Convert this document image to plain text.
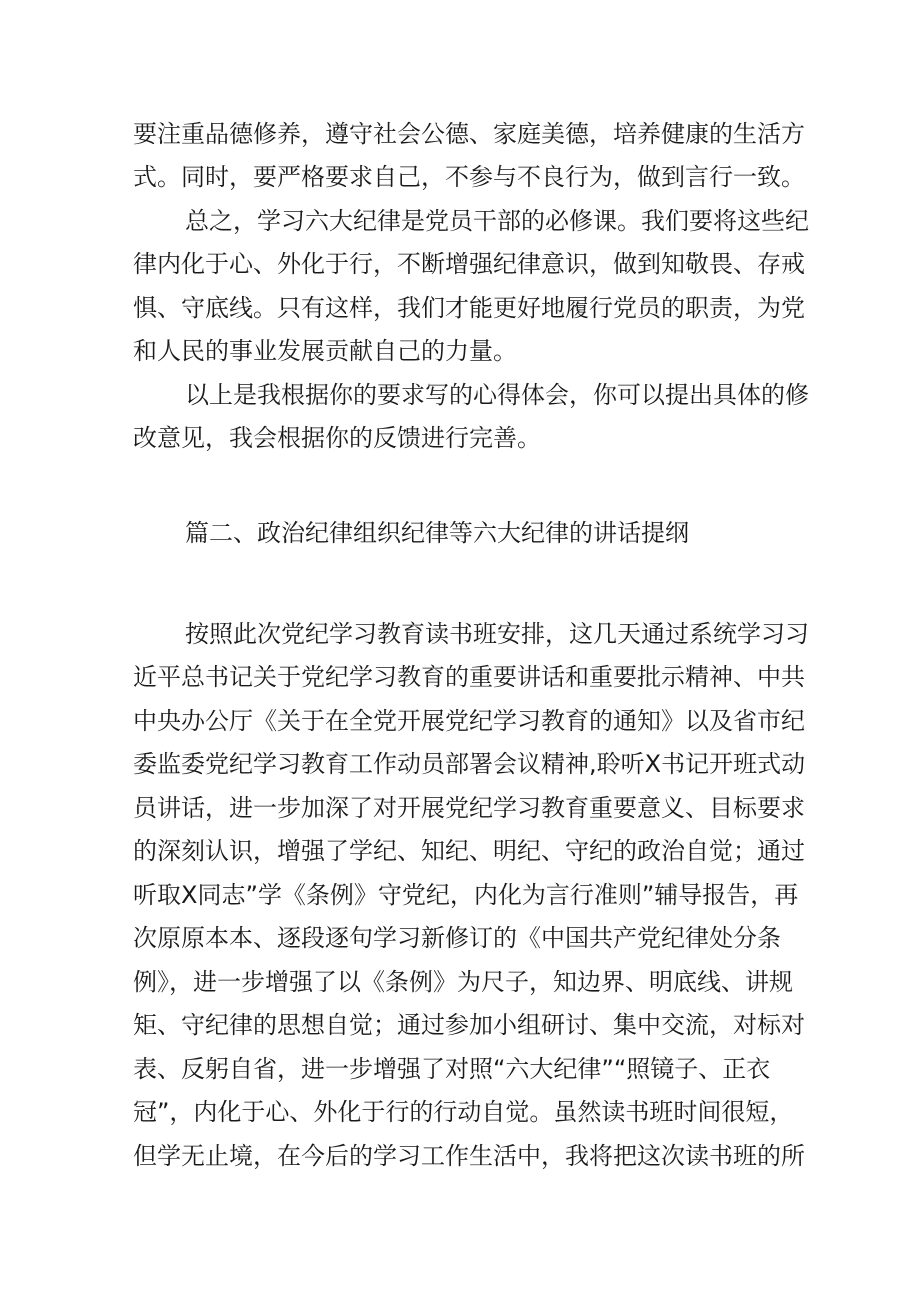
要注重品德修养，遵守社会公德、家庭美德，培养健康的生活方
式。同时，要严格要求自己，不参与不良行为，做到言行一致。
总之，学习六大纪律是党员干部的必修课。我们要将这些纪
律内化于心、外化于行，不断增强纪律意识，做到知敬畏、存戒
惧、守底线。只有这样，我们才能更好地履行党员的职责，为党
和人民的事业发展贡献自己的力量。
以上是我根据你的要求写的心得体会，你可以提出具体的修
改意见，我会根据你的反馈进行完善。
篇二、政治纪律组织纪律等六大纪律的讲话提纲
按照此次党纪学习教育读书班安排，这几天通过系统学习习
近平总书记关于党纪学习教育的重要讲话和重要批示精神、中共
中央办公厅《关于在全党开展党纪学习教育的通知》以及省市纪
委监委党纪学习教育工作动员部署会议精神,聆听X书记开班式动
员讲话，进一步加深了对开展党纪学习教育重要意义、目标要求
的深刻认识，增强了学纪、知纪、明纪、守纪的政治自觉；通过
听取X同志”学《条例》守党纪，内化为言行准则”辅导报告，再
次原原本本、逐段逐句学习新修订的《中国共产党纪律处分条
例》，进一步增强了以《条例》为尺子，知边界、明底线、讲规
矩、守纪律的思想自觉；通过参加小组研讨、集中交流，对标对
表、反躬自省，进一步增强了对照“六大纪律”“照镜子、正衣
冠”，内化于心、外化于行的行动自觉。虽然读书班时间很短，
但学无止境，在今后的学习工作生活中，我将把这次读书班的所
